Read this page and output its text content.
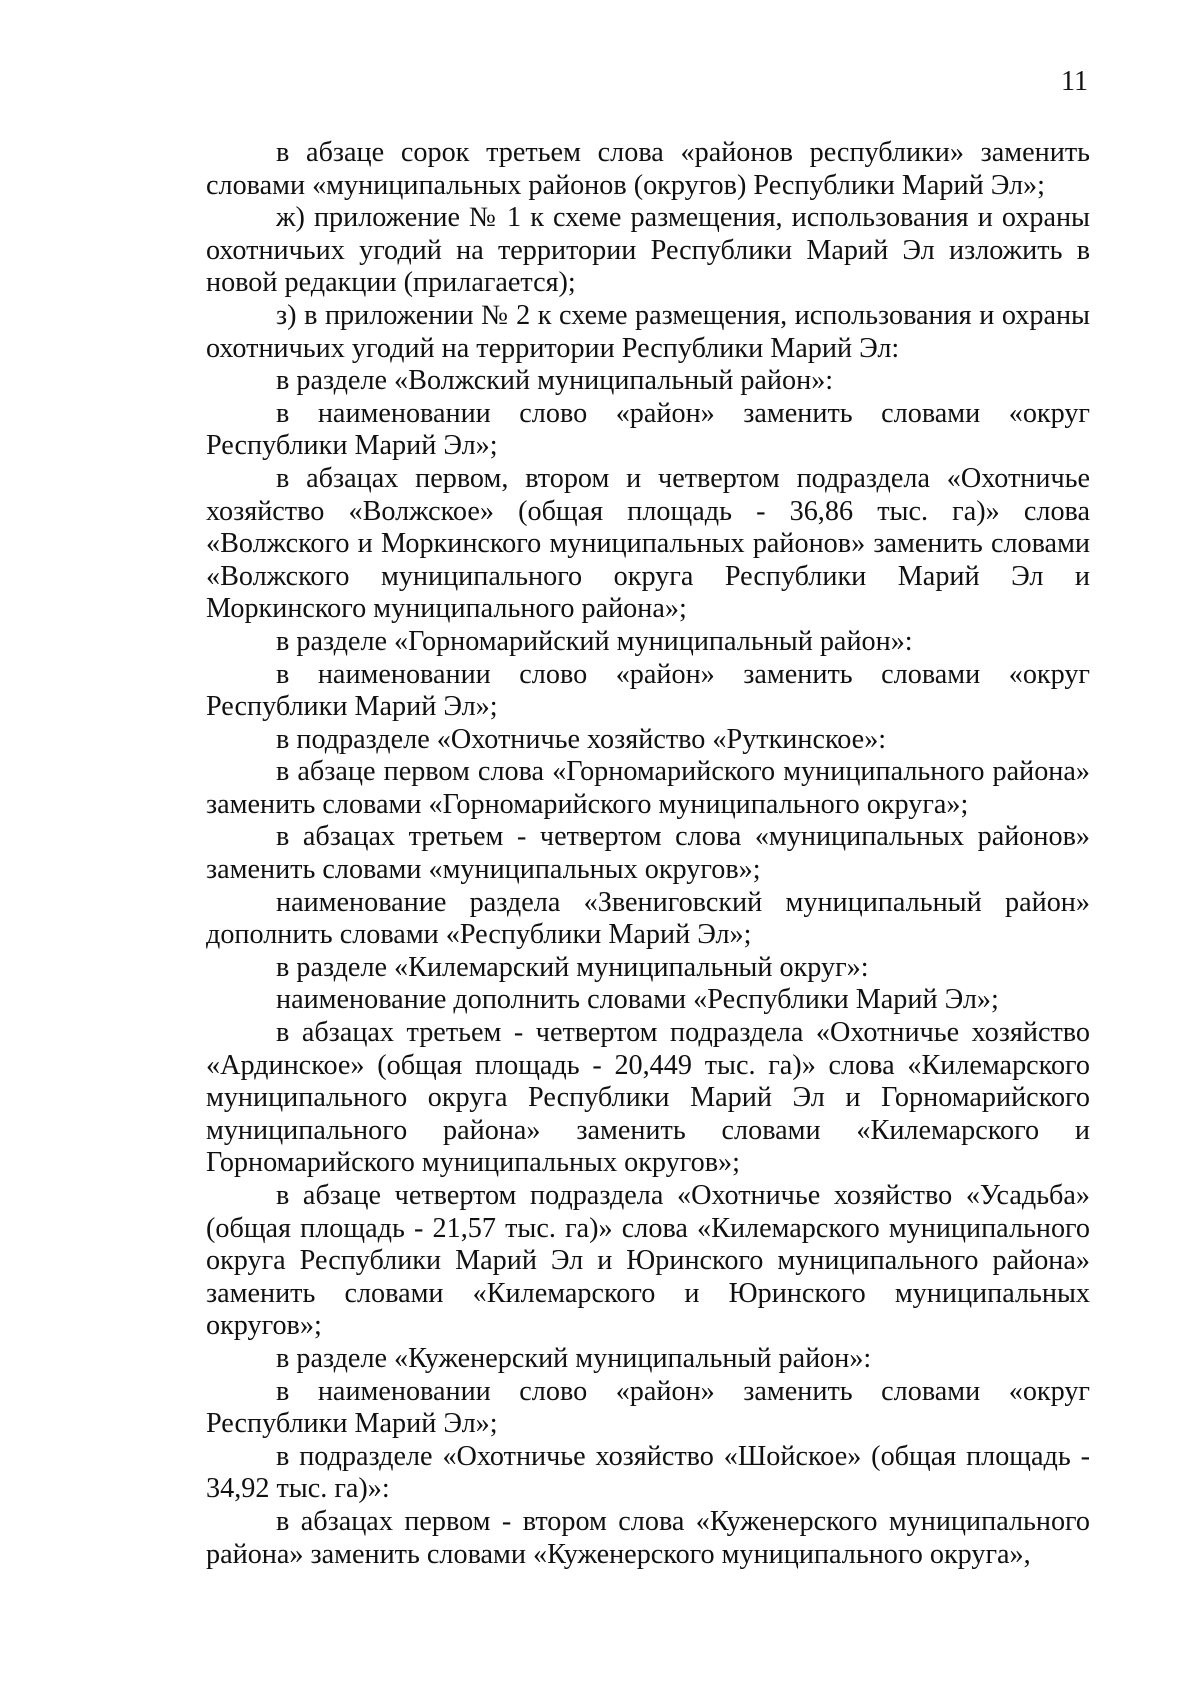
11

в абзаце сорок третьем слова «районов республики» заменить словами «муниципальных районов (округов) Республики Марий Эл»;

ж) приложение № 1 к схеме размещения, использования и охраны охотничьих угодий на территории Республики Марий Эл изложить в новой редакции (прилагается);

з) в приложении № 2 к схеме размещения, использования и охраны охотничьих угодий на территории Республики Марий Эл:

в разделе «Волжский муниципальный район»:

в наименовании слово «район» заменить словами «округ Республики Марий Эл»;

в абзацах первом, втором и четвертом подраздела «Охотничье хозяйство «Волжское» (общая площадь - 36,86 тыс. га)» слова «Волжского и Моркинского муниципальных районов» заменить словами «Волжского муниципального округа Республики Марий Эл и Моркинского муниципального района»;

в разделе «Горномарийский муниципальный район»:

в наименовании слово «район» заменить словами «округ Республики Марий Эл»;

в подразделе «Охотничье хозяйство «Руткинское»:

в абзаце первом слова «Горномарийского муниципального района» заменить словами «Горномарийского муниципального округа»;

в абзацах третьем - четвертом слова «муниципальных районов» заменить словами «муниципальных округов»;

наименование раздела «Звениговский муниципальный район» дополнить словами «Республики Марий Эл»;

в разделе «Килемарский муниципальный округ»:

наименование дополнить словами «Республики Марий Эл»;

в абзацах третьем - четвертом подраздела «Охотничье хозяйство «Ардинское» (общая площадь - 20,449 тыс. га)» слова «Килемарского муниципального округа Республики Марий Эл и Горномарийского муниципального района» заменить словами «Килемарского и Горномарийского муниципальных округов»;

в абзаце четвертом подраздела «Охотничье хозяйство «Усадьба» (общая площадь - 21,57 тыс. га)» слова «Килемарского муниципального округа Республики Марий Эл и Юринского муниципального района» заменить словами «Килемарского и Юринского муниципальных округов»;

в разделе «Куженерский муниципальный район»:

в наименовании слово «район» заменить словами «округ Республики Марий Эл»;

в подразделе «Охотничье хозяйство «Шойское» (общая площадь - 34,92 тыс. га)»:

в абзацах первом - втором слова «Куженерского муниципального района» заменить словами «Куженерского муниципального округа»,
